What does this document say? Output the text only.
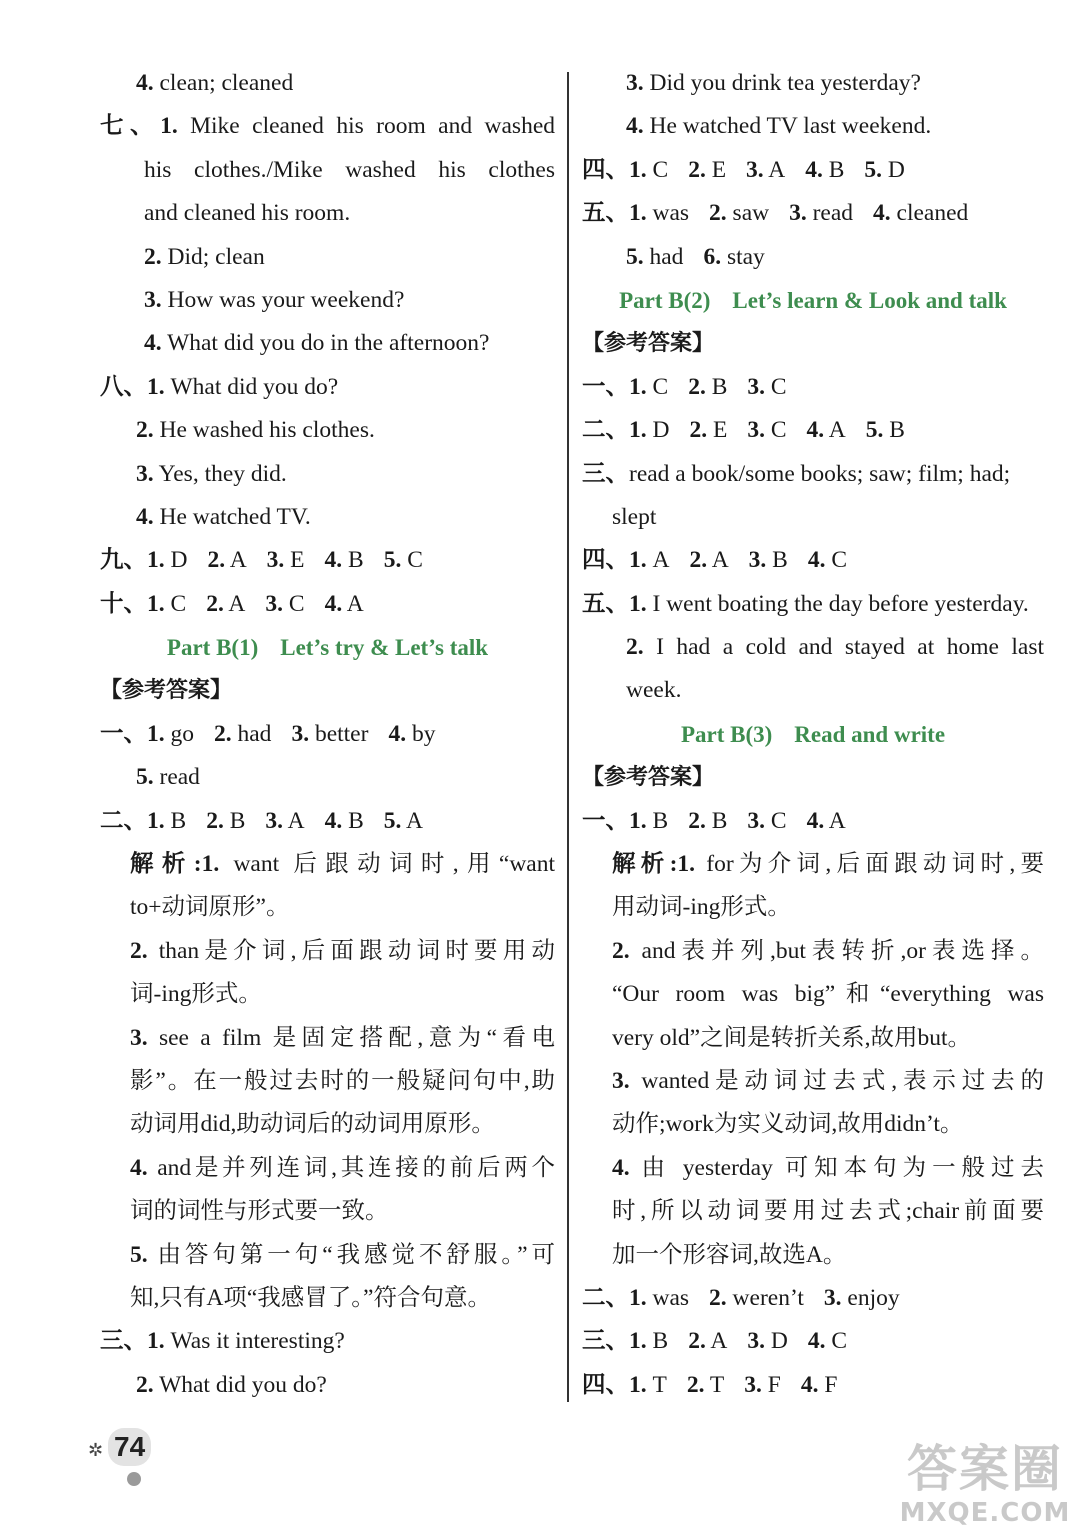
4. clean; cleaned
七、1. Mike cleaned his room and washed
his clothes./Mike washed his clothes
and cleaned his room.
2. Did; clean
3. How was your weekend?
4. What did you do in the afternoon?
八、1. What did you do?
2. He washed his clothes.
3. Yes, they did.
4. He watched TV.
九、1. D 2. A 3. E 4. B 5. C
十、1. C 2. A 3. C 4. A
Part B(1) Let’s try & Let’s talk
【参考答案】
一、1. go 2. had 3. better 4. by
5. read
二、1. B 2. B 3. A 4. B 5. A
解析:1. want 后跟动词时,用“want
to+动词原形”。
2. than是介词,后面跟动词时要用动
词-ing形式。
3. see a film 是固定搭配,意为“看电
影”。在一般过去时的一般疑问句中,助
动词用did,助动词后的动词用原形。
4. and是并列连词,其连接的前后两个
词的词性与形式要一致。
5. 由答句第一句“我感觉不舒服。”可
知,只有A项“我感冒了。”符合句意。
三、1. Was it interesting?
2. What did you do?
3. Did you drink tea yesterday?
4. He watched TV last weekend.
四、1. C 2. E 3. A 4. B 5. D
五、1. was 2. saw 3. read 4. cleaned
5. had 6. stay
Part B(2) Let’s learn & Look and talk
【参考答案】
一、1. C 2. B 3. C
二、1. D 2. E 3. C 4. A 5. B
三、read a book/some books; saw; film; had;
slept
四、1. A 2. A 3. B 4. C
五、1. I went boating the day before yesterday.
2. I had a cold and stayed at home last
week.
Part B(3) Read and write
【参考答案】
一、1. B 2. B 3. C 4. A
解析:1. for为介词,后面跟动词时,要
用动词-ing形式。
2. and表并列,but表转折,or表选择。
“Our room was big”和“everything was
very old”之间是转折关系,故用but。
3. wanted是动词过去式,表示过去的
动作;work为实义动词,故用didn’t。
4. 由 yesterday 可知本句为一般过去
时,所以动词要用过去式;chair前面要
加一个形容词,故选A。
二、1. was 2. weren’t 3. enjoy
三、1. B 2. A 3. D 4. C
四、1. T 2. T 3. F 4. F
✲ 74	答案圈
MXQE.COM
